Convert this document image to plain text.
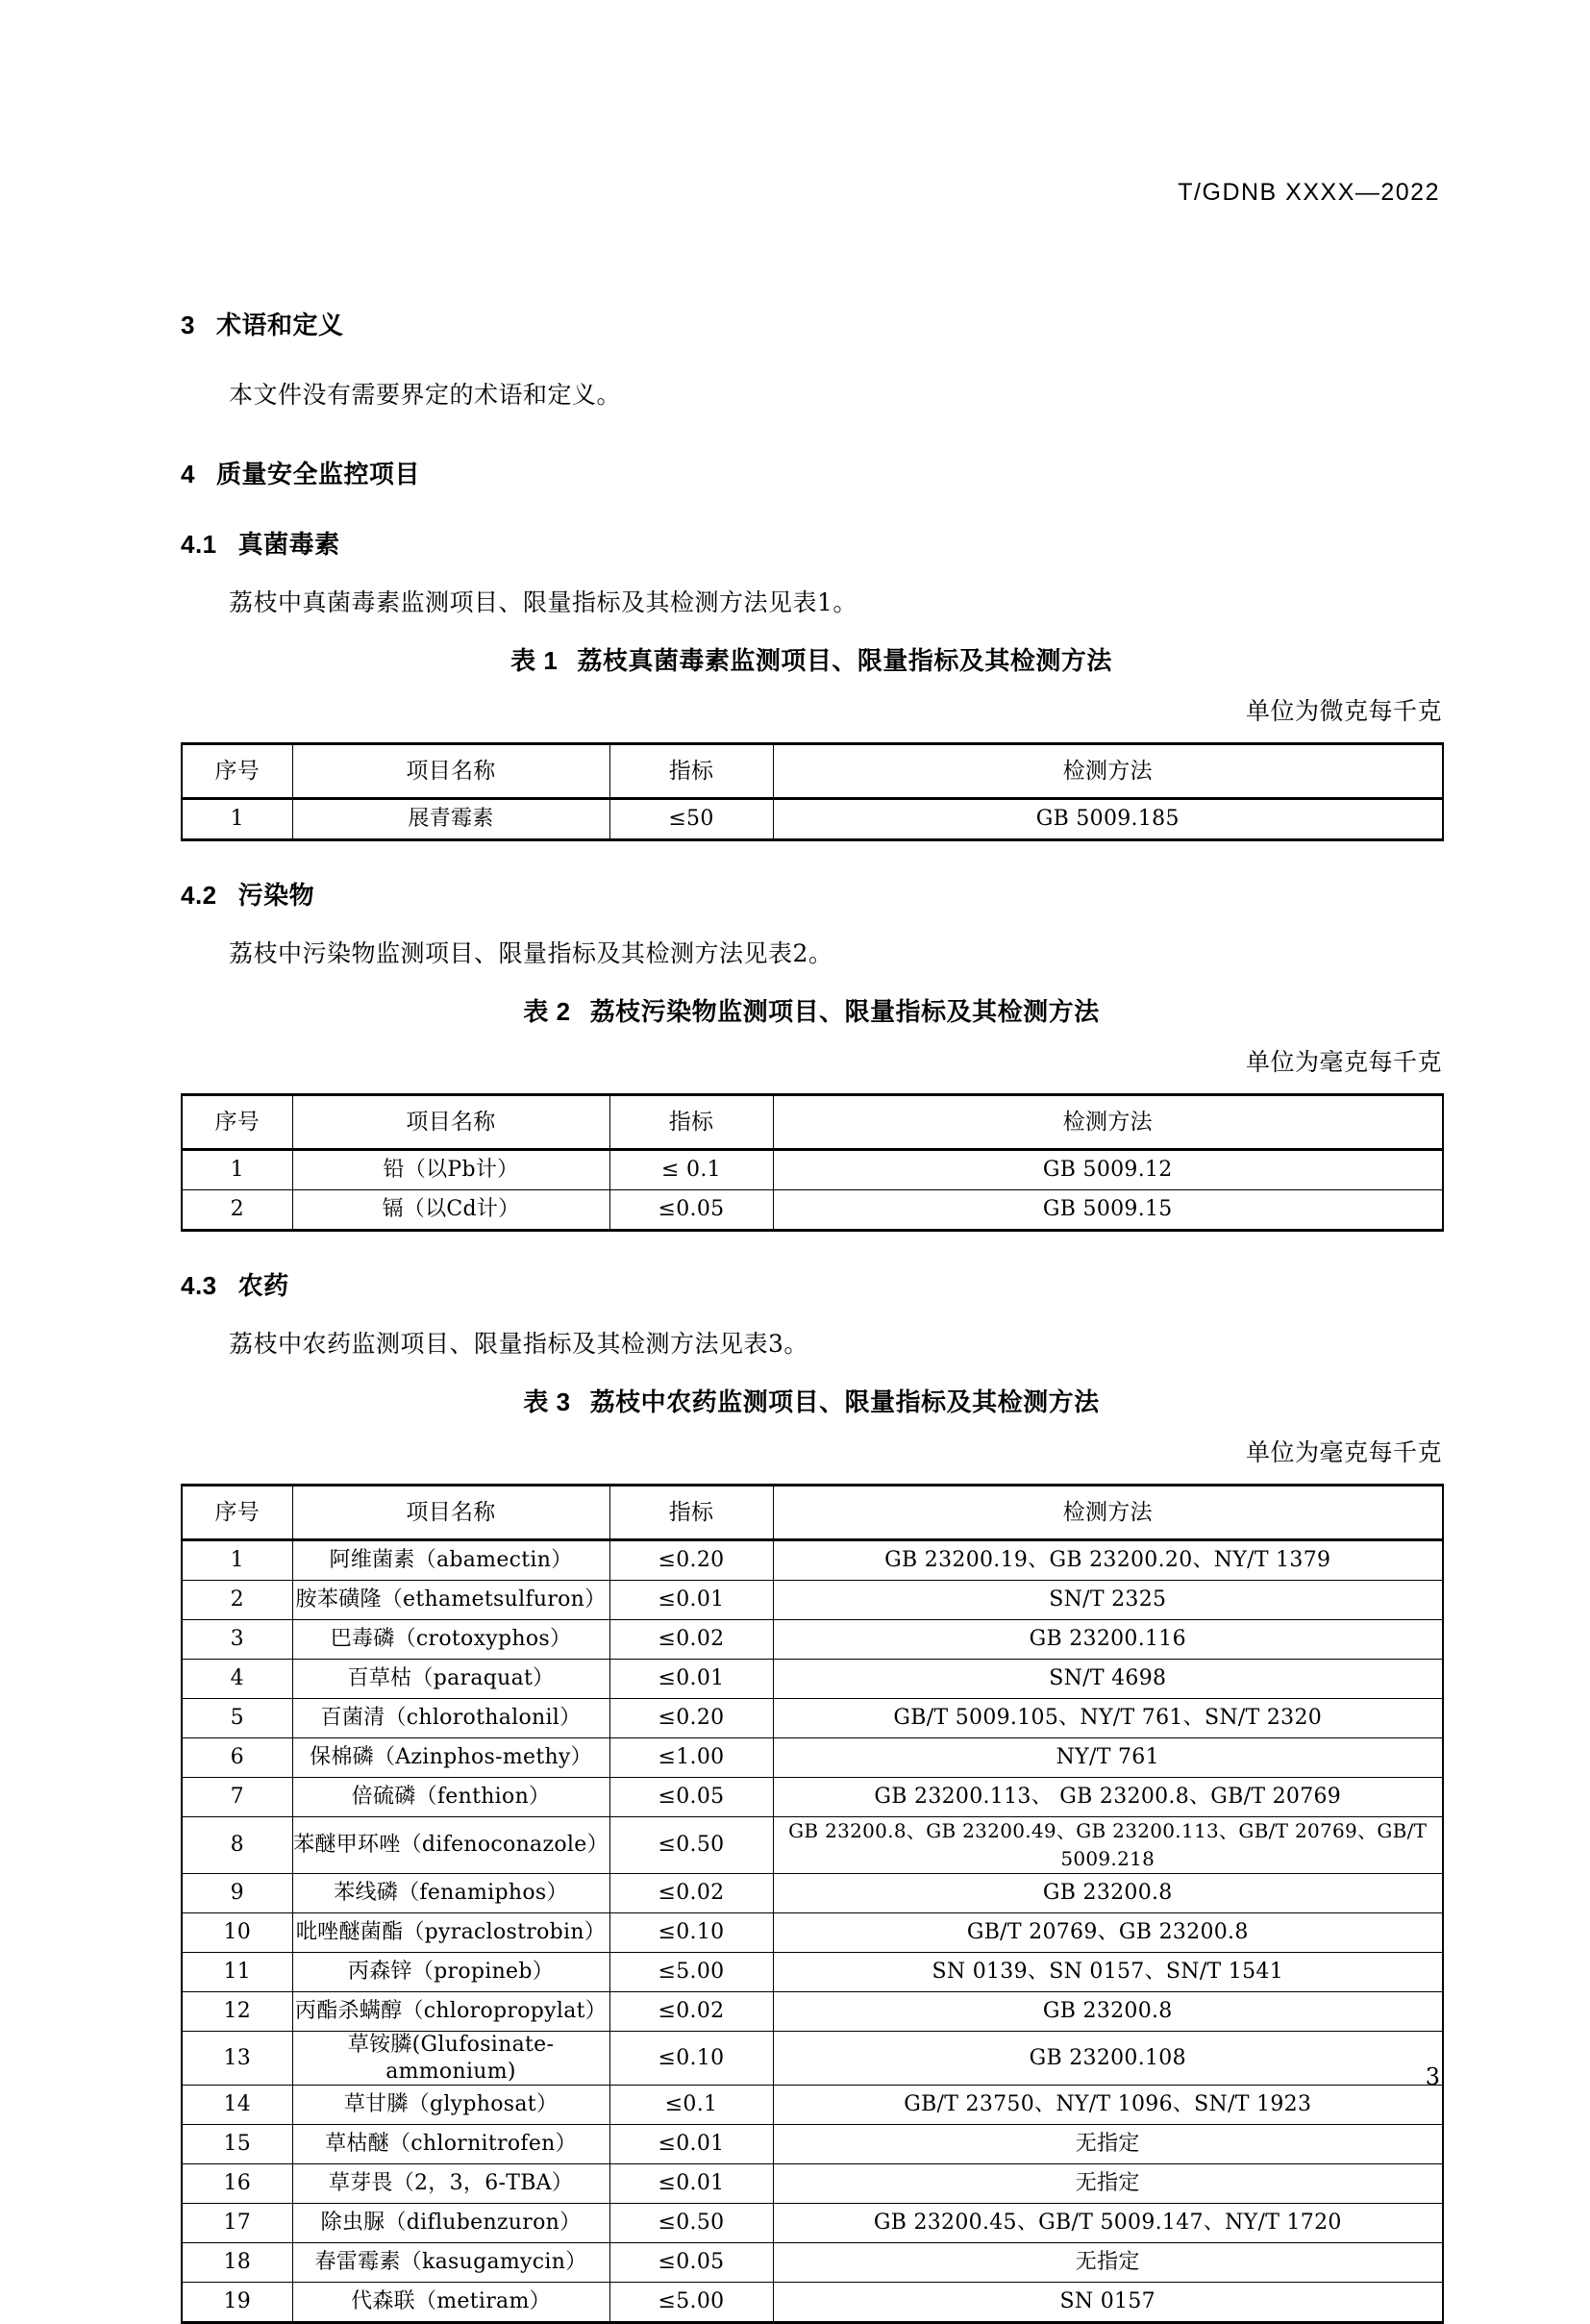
T/GDNB XXXX—2022
3 术语和定义

本文件没有需要界定的术语和定义。

4 质量安全监控项目
4.1 真菌毒素

荔枝中真菌毒素监测项目、限量指标及其检测方法见表1。

表 1 荔枝真菌毒素监测项目、限量指标及其检测方法

单位为微克每千克

序号	项目名称	指标	检测方法
1	展青霉素	≤50	GB 5009.185
4.2 污染物

荔枝中污染物监测项目、限量指标及其检测方法见表2。

表 2 荔枝污染物监测项目、限量指标及其检测方法

单位为毫克每千克

序号	项目名称	指标	检测方法
1	铅（以Pb计）	≤ 0.1	GB 5009.12
2	镉（以Cd计）	≤0.05	GB 5009.15
4.3 农药

荔枝中农药监测项目、限量指标及其检测方法见表3。

表 3 荔枝中农药监测项目、限量指标及其检测方法

单位为毫克每千克

序号	项目名称	指标	检测方法
1	阿维菌素（abamectin）	≤0.20	GB 23200.19、GB 23200.20、NY/T 1379
2	胺苯磺隆（ethametsulfuron）	≤0.01	SN/T 2325
3	巴毒磷（crotoxyphos）	≤0.02	GB 23200.116
4	百草枯（paraquat）	≤0.01	SN/T 4698
5	百菌清（chlorothalonil）	≤0.20	GB/T 5009.105、NY/T 761、SN/T 2320
6	保棉磷（Azinphos-methy）	≤1.00	NY/T 761
7	倍硫磷（fenthion）	≤0.05	GB 23200.113、 GB 23200.8、GB/T 20769
8	苯醚甲环唑（difenoconazole）	≤0.50	GB 23200.8、GB 23200.49、GB 23200.113、GB/T 20769、GB/T 5009.218
9	苯线磷（fenamiphos）	≤0.02	GB 23200.8
10	吡唑醚菌酯（pyraclostrobin）	≤0.10	GB/T 20769、GB 23200.8
11	丙森锌（propineb）	≤5.00	SN 0139、SN 0157、SN/T 1541
12	丙酯杀螨醇（chloropropylat）	≤0.02	GB 23200.8
13	草铵膦(Glufosinate-ammonium)	≤0.10	GB 23200.108
14	草甘膦（glyphosat）	≤0.1	GB/T 23750、NY/T 1096、SN/T 1923
15	草枯醚（chlornitrofen）	≤0.01	无指定
16	草芽畏（2，3，6-TBA）	≤0.01	无指定
17	除虫脲（diflubenzuron）	≤0.50	GB 23200.45、GB/T 5009.147、NY/T 1720
18	春雷霉素（kasugamycin）	≤0.05	无指定
19	代森联（metiram）	≤5.00	SN 0157
3
